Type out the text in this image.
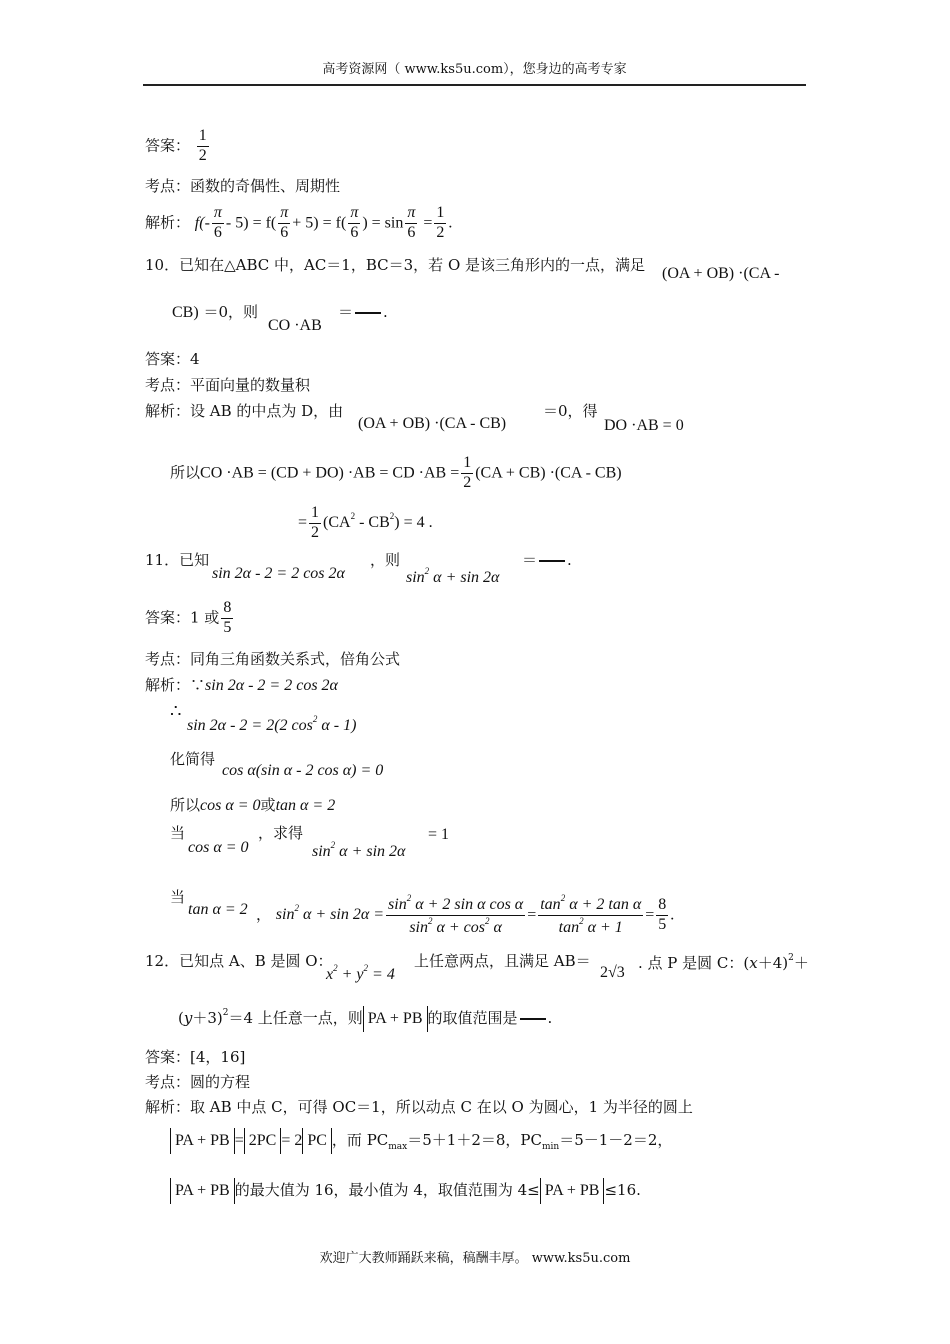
高考资源网（ www.ks5u.com），您身边的高考专家
答案： $\frac{1}{2}$
考点：函数的奇偶性、周期性
解析： $f(- \frac{\pi}{6} - 5) = f( \frac{\pi}{6} + 5) = f( \frac{\pi}{6}$ ) = $\sin \frac{\pi}{6} = \frac{1}{2}$ .
10．已知在△ABC 中，AC＝1，BC＝3，若 O 是该三角形内的一点，满足 (OA + OB) ·(CA -
CB) ＝0，则
CO ·AB
＝ .
答案：4
考点：平面向量的数量积
解析：设 AB 的中点为 D，由
(OA + OB) ·(CA - CB)
＝0，得
DO ·AB = 0
所以CO ·AB = (CD + DO) ·AB = CD $\cdot AB = \frac{1}{2} (CA + CB) \cdot(CA - CB)$
= $\frac{1}{2} (CA^2 - CB^2) = 4$ .
11．已知
sin 2α - 2 = 2 cos 2α
，则
$\sin^2 \alpha + \sin 2\alpha$
＝ .
答案：1 或 $\frac{8}{5}$
考点：同角三角函数关系式，倍角公式
解析：∵sin 2α - 2 = 2 cos 2α
∴
sin 2α - 2 = 2(2 $\cos^2 \alpha - 1$)
化简得
cos α(sin α - 2 cos α) = 0
所以cos α = 0或tan α = 2
当
cos α = 0
，求得
$\sin^2 \alpha + \sin 2\alpha$
= 1
当
tan α = 2 ， $\sin^2 \alpha + \sin 2\alpha = \frac{\sin^2 \alpha + 2 \sin \alpha \cos \alpha}{\sin^2 \alpha + \cos^2 \alpha} = \frac{\tan^2 \alpha + 2 \tan \alpha}{\tan^2 \alpha + 1} = \frac{8}{5}$ .
12．已知点 A、B 是圆 O：
$x^2 + y^2 = 4$
上任意两点，且满足 AB＝
2√3
. 点 P 是圆 C：$(x+4)^2+$
$(y+3)^2=4$ 上任意一点，则 PA + PB 的取值范围是 .
答案：[4，16]
考点：圆的方程
解析：取 AB 中点 C，可得 OC＝1，所以动点 C 在以 O 为圆心，1 为半径的圆上
PA + PB = 2PC = 2 PC ，而 $PC_{max}=5+1+2=8$，$PC_{min}=5-1-2=2$，
PA + PB 的最大值为 16，最小值为 4，取值范围为 4≤ PA + PB ≤16.
欢迎广大教师踊跃来稿，稿酬丰厚。 www.ks5u.com
